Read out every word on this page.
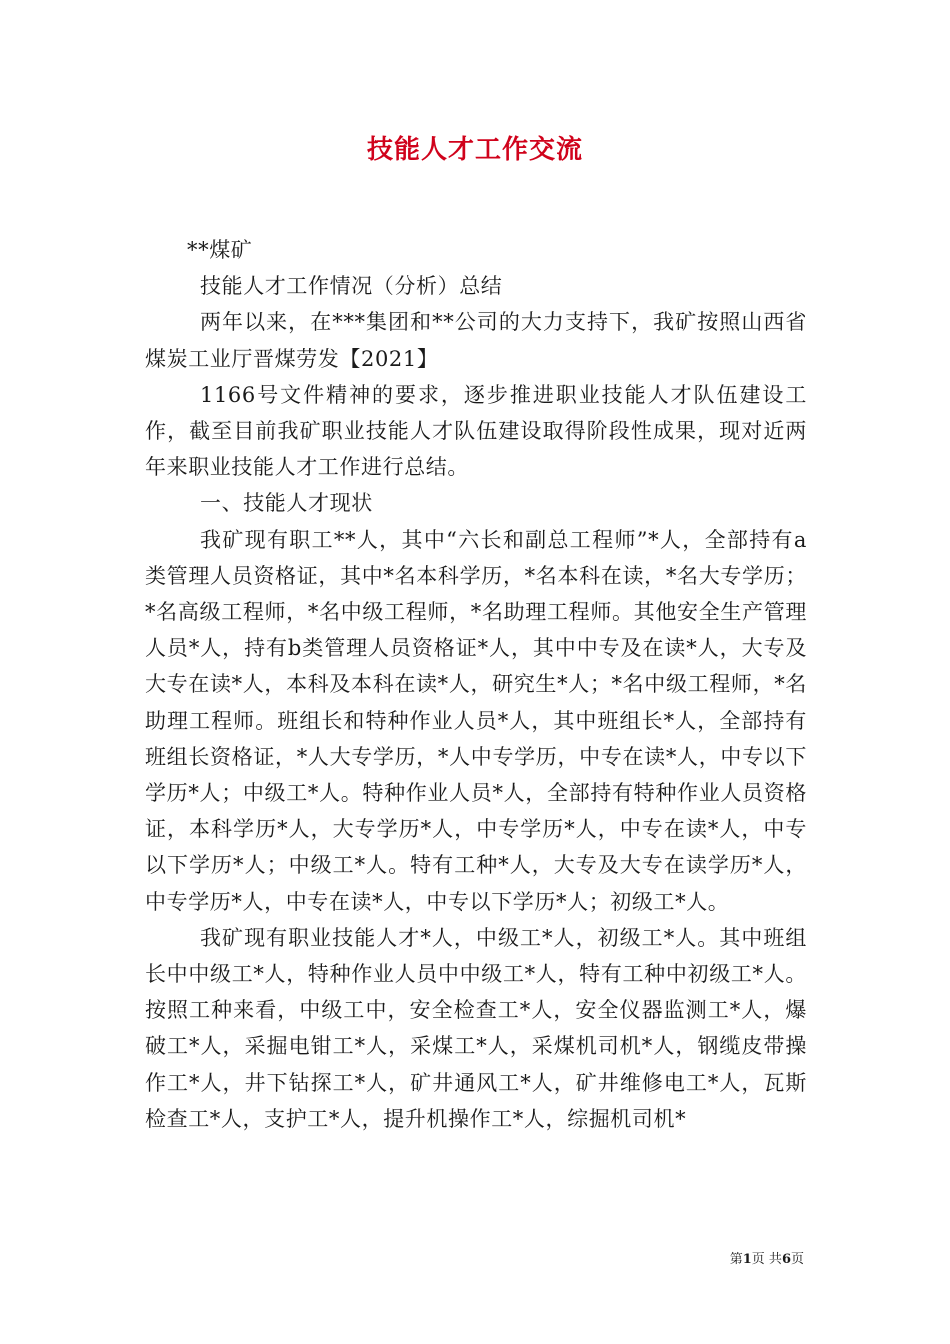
技能人才工作交流

**煤矿

技能人才工作情况（分析）总结

两年以来，在***集团和**公司的大力支持下，我矿按照山西省煤炭工业厅晋煤劳发【2021】

1166号文件精神的要求，逐步推进职业技能人才队伍建设工作，截至目前我矿职业技能人才队伍建设取得阶段性成果，现对近两年来职业技能人才工作进行总结。

一、技能人才现状

我矿现有职工**人，其中“六长和副总工程师”*人，全部持有a类管理人员资格证，其中*名本科学历，*名本科在读，*名大专学历；*名高级工程师，*名中级工程师，*名助理工程师。其他安全生产管理人员*人，持有b类管理人员资格证*人，其中中专及在读*人，大专及大专在读*人，本科及本科在读*人，研究生*人；*名中级工程师，*名助理工程师。班组长和特种作业人员*人，其中班组长*人，全部持有班组长资格证，*人大专学历，*人中专学历，中专在读*人，中专以下学历*人；中级工*人。特种作业人员*人，全部持有特种作业人员资格证，本科学历*人，大专学历*人，中专学历*人，中专在读*人，中专以下学历*人；中级工*人。特有工种*人，大专及大专在读学历*人，中专学历*人，中专在读*人，中专以下学历*人；初级工*人。

我矿现有职业技能人才*人，中级工*人，初级工*人。其中班组长中中级工*人，特种作业人员中中级工*人，特有工种中初级工*人。按照工种来看，中级工中，安全检查工*人，安全仪器监测工*人，爆破工*人，采掘电钳工*人，采煤工*人，采煤机司机*人，钢缆皮带操作工*人，井下钻探工*人，矿井通风工*人，矿井维修电工*人，瓦斯检查工*人，支护工*人，提升机操作工*人，综掘机司机*

第1页 共6页
